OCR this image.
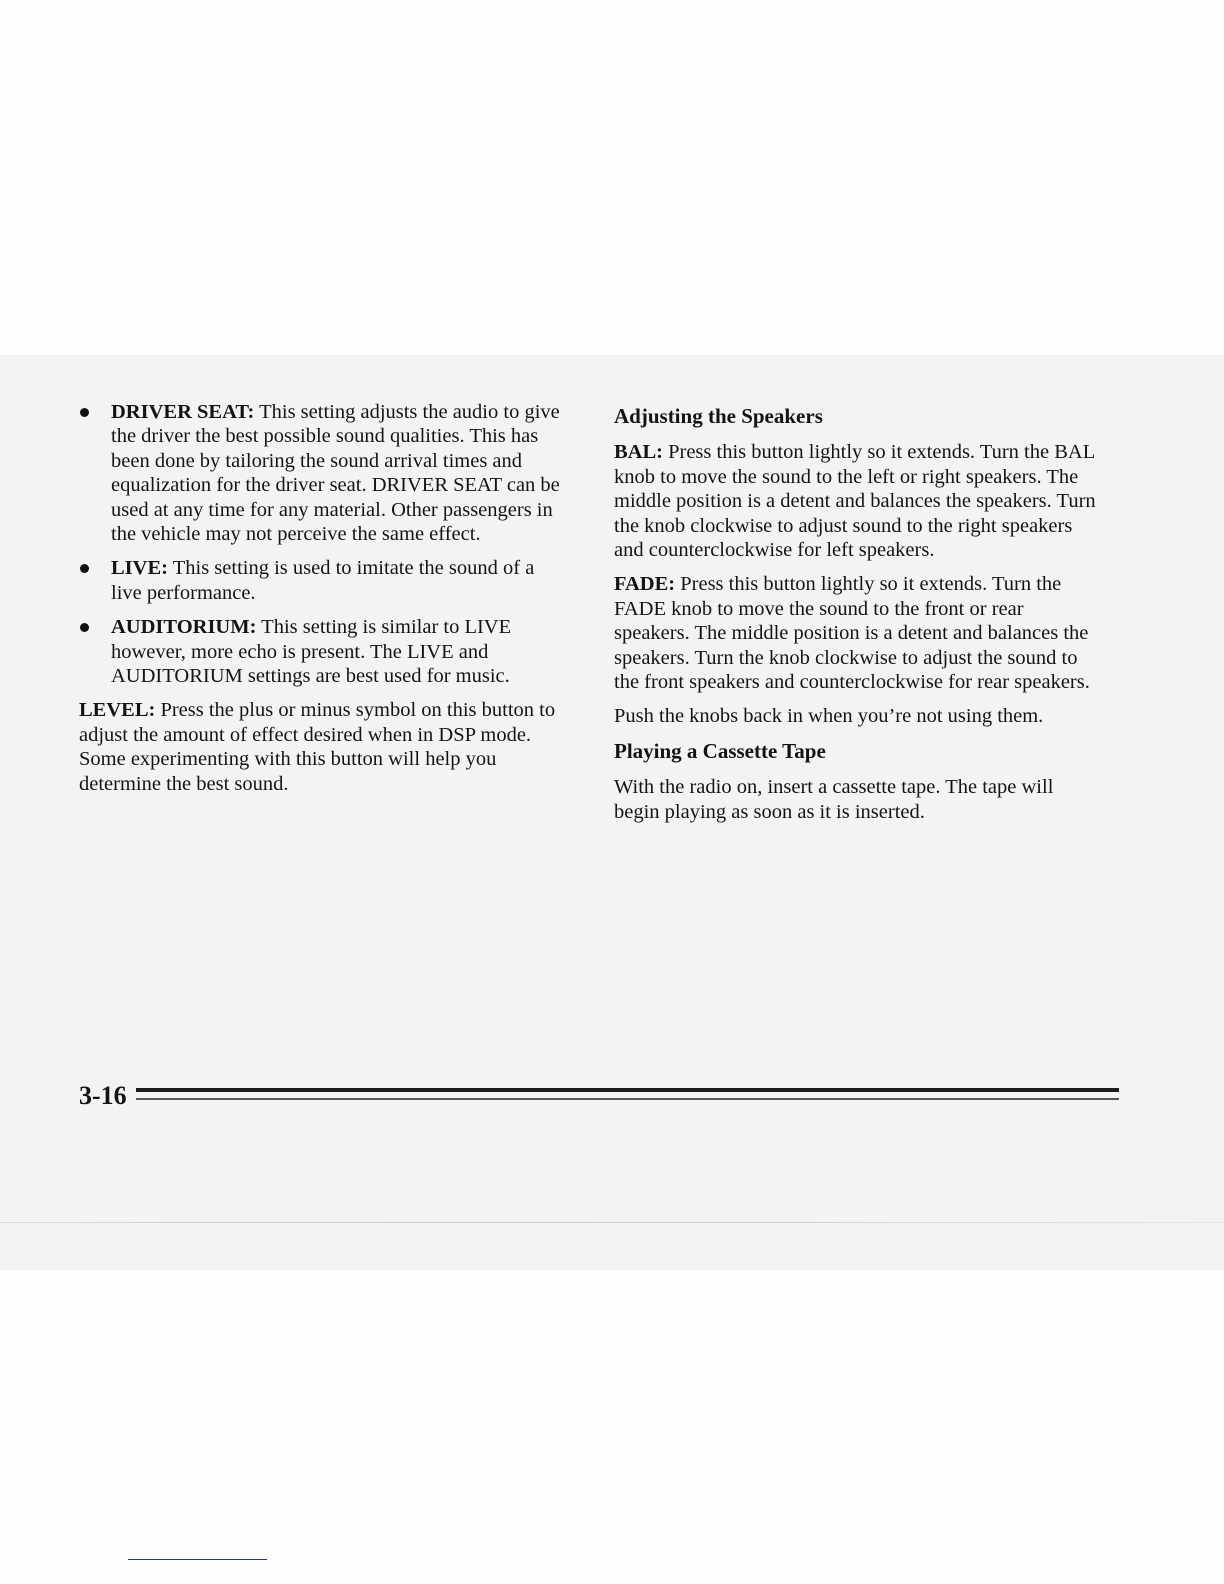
DRIVER SEAT: This setting adjusts the audio to give the driver the best possible sound qualities. This has been done by tailoring the sound arrival times and equalization for the driver seat. DRIVER SEAT can be used at any time for any material. Other passengers in the vehicle may not perceive the same effect.
LIVE: This setting is used to imitate the sound of a live performance.
AUDITORIUM: This setting is similar to LIVE however, more echo is present. The LIVE and AUDITORIUM settings are best used for music.

LEVEL: Press the plus or minus symbol on this button to adjust the amount of effect desired when in DSP mode. Some experimenting with this button will help you determine the best sound.

Adjusting the Speakers

BAL: Press this button lightly so it extends. Turn the BAL knob to move the sound to the left or right speakers. The middle position is a detent and balances the speakers. Turn the knob clockwise to adjust sound to the right speakers and counterclockwise for left speakers.

FADE: Press this button lightly so it extends. Turn the FADE knob to move the sound to the front or rear speakers. The middle position is a detent and balances the speakers. Turn the knob clockwise to adjust the sound to the front speakers and counterclockwise for rear speakers.

Push the knobs back in when you’re not using them.

Playing a Cassette Tape

With the radio on, insert a cassette tape. The tape will begin playing as soon as it is inserted.

3-16
